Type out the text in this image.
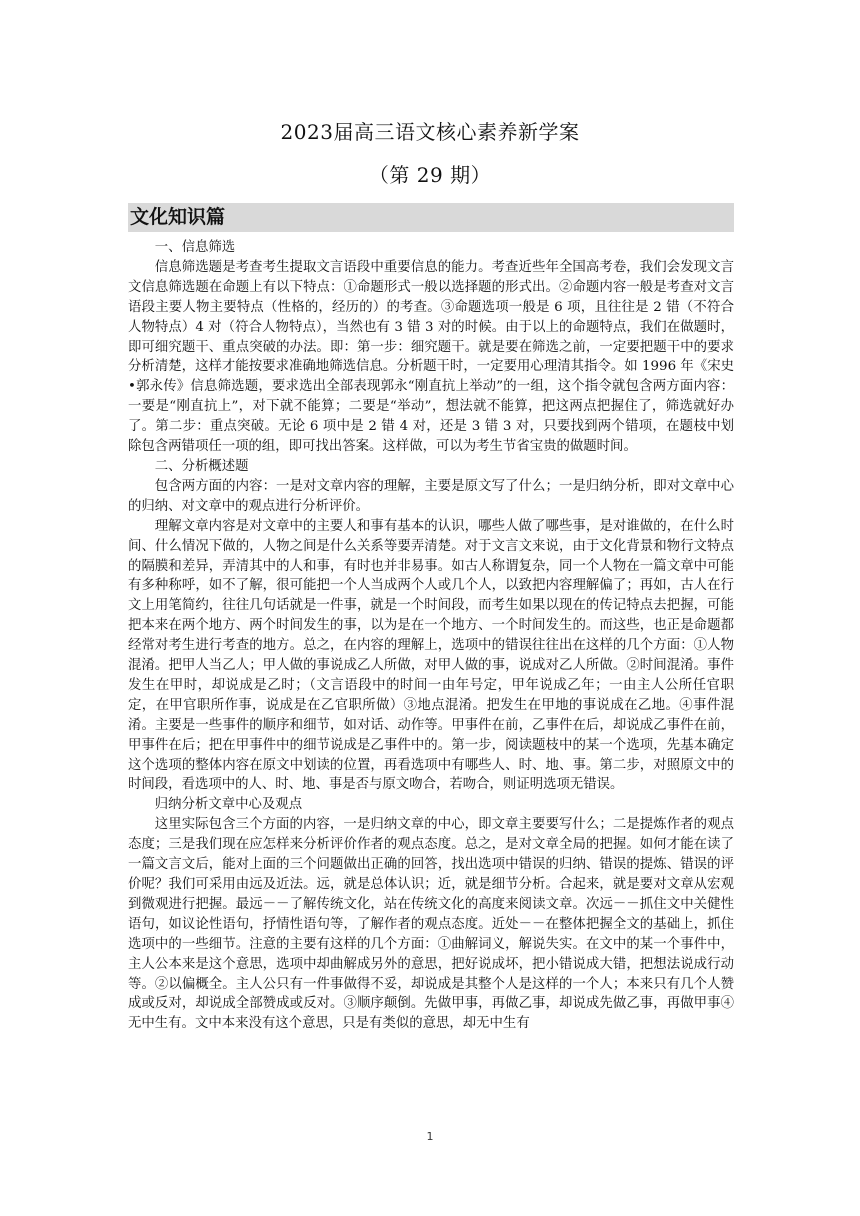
2023届高三语文核心素养新学案
（第 29 期）
文化知识篇

一、信息筛选

信息筛选题是考查考生提取文言语段中重要信息的能力。考查近些年全国高考卷，我们会发现文言文信息筛选题在命题上有以下特点：①命题形式一般以选择题的形式出。②命题内容一般是考查对文言语段主要人物主要特点（性格的，经历的）的考查。③命题选项一般是 6 项，且往往是 2 错（不符合人物特点）4 对（符合人物特点），当然也有 3 错 3 对的时候。由于以上的命题特点，我们在做题时，即可细究题干、重点突破的办法。即：第一步：细究题干。就是要在筛选之前，一定要把题干中的要求分析清楚，这样才能按要求准确地筛选信息。分析题干时，一定要用心理清其指令。如 1996 年《宋史•郭永传》信息筛选题，要求选出全部表现郭永“刚直抗上举动”的一组，这个指令就包含两方面内容：一要是“刚直抗上”，对下就不能算；二要是“举动”，想法就不能算，把这两点把握住了，筛选就好办了。第二步：重点突破。无论 6 项中是 2 错 4 对，还是 3 错 3 对，只要找到两个错项，在题枝中划除包含两错项任一项的组，即可找出答案。这样做，可以为考生节省宝贵的做题时间。

二、分析概述题

包含两方面的内容：一是对文章内容的理解，主要是原文写了什么；一是归纳分析，即对文章中心的归纳、对文章中的观点进行分析评价。

理解文章内容是对文章中的主要人和事有基本的认识，哪些人做了哪些事，是对谁做的，在什么时间、什么情况下做的，人物之间是什么关系等要弄清楚。对于文言文来说，由于文化背景和物行文特点的隔膜和差异，弄清其中的人和事，有时也并非易事。如古人称谓复杂，同一个人物在一篇文章中可能有多种称呼，如不了解，很可能把一个人当成两个人或几个人，以致把内容理解偏了；再如，古人在行文上用笔简约，往往几句话就是一件事，就是一个时间段，而考生如果以现在的传记特点去把握，可能把本来在两个地方、两个时间发生的事，以为是在一个地方、一个时间发生的。而这些，也正是命题都经常对考生进行考查的地方。总之，在内容的理解上，选项中的错误往往出在这样的几个方面：①人物混淆。把甲人当乙人；甲人做的事说成乙人所做，对甲人做的事，说成对乙人所做。②时间混淆。事件发生在甲时，却说成是乙时；（文言语段中的时间一由年号定，甲年说成乙年；一由主人公所任官职定，在甲官职所作事，说成是在乙官职所做）③地点混淆。把发生在甲地的事说成在乙地。④事件混淆。主要是一些事件的顺序和细节，如对话、动作等。甲事件在前，乙事件在后，却说成乙事件在前，甲事件在后；把在甲事件中的细节说成是乙事件中的。第一步，阅读题枝中的某一个选项，先基本确定这个选项的整体内容在原文中划读的位置，再看选项中有哪些人、时、地、事。第二步，对照原文中的时间段，看选项中的人、时、地、事是否与原文吻合，若吻合，则证明选项无错误。

归纳分析文章中心及观点

这里实际包含三个方面的内容，一是归纳文章的中心，即文章主要要写什么；二是提炼作者的观点态度；三是我们现在应怎样来分析评价作者的观点态度。总之，是对文章全局的把握。如何才能在读了一篇文言文后，能对上面的三个问题做出正确的回答，找出选项中错误的归纳、错误的提炼、错误的评价呢？我们可采用由远及近法。远，就是总体认识；近，就是细节分析。合起来，就是要对文章从宏观到微观进行把握。最远－－了解传统文化，站在传统文化的高度来阅读文章。次远－－抓住文中关健性语句，如议论性语句，抒情性语句等，了解作者的观点态度。近处－－在整体把握全文的基础上，抓住选项中的一些细节。注意的主要有这样的几个方面：①曲解词义，解说失实。在文中的某一个事件中，主人公本来是这个意思，选项中却曲解成另外的意思，把好说成坏，把小错说成大错，把想法说成行动等。②以偏概全。主人公只有一件事做得不妥，却说成是其整个人是这样的一个人；本来只有几个人赞成或反对，却说成全部赞成或反对。③顺序颠倒。先做甲事，再做乙事，却说成先做乙事，再做甲事④无中生有。文中本来没有这个意思，只是有类似的意思，却无中生有

1
